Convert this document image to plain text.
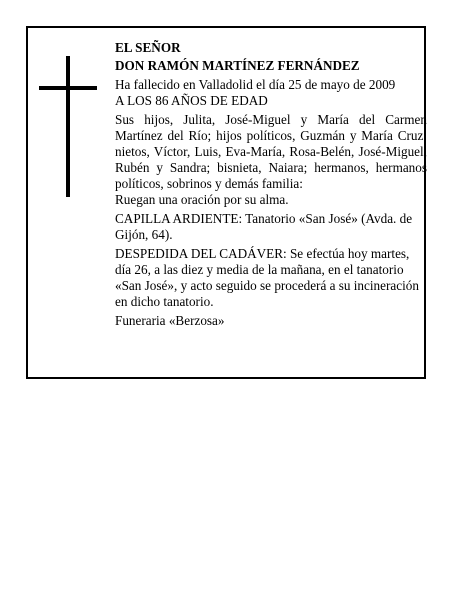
EL SEÑOR

DON RAMÓN MARTÍNEZ FERNÁNDEZ

Ha fallecido en Valladolid el día 25 de mayo de 2009

A LOS 86 AÑOS DE EDAD

Sus hijos, Julita, José-Miguel y María del Carmen Martínez del Río; hijos políticos, Guzmán y María Cruz; nietos, Víctor, Luis, Eva-María, Rosa-Belén, José-Miguel, Rubén y Sandra; bisnieta, Naiara; hermanos, hermanos políticos, sobrinos y demás familia:

Ruegan una oración por su alma.

CAPILLA ARDIENTE: Tanatorio «San José» (Avda. de Gijón, 64).

DESPEDIDA DEL CADÁVER: Se efectúa hoy martes, día 26, a las diez y media de la mañana, en el tanatorio «San José», y acto seguido se procederá a su incineración en dicho tanatorio.

Funeraria «Berzosa»
